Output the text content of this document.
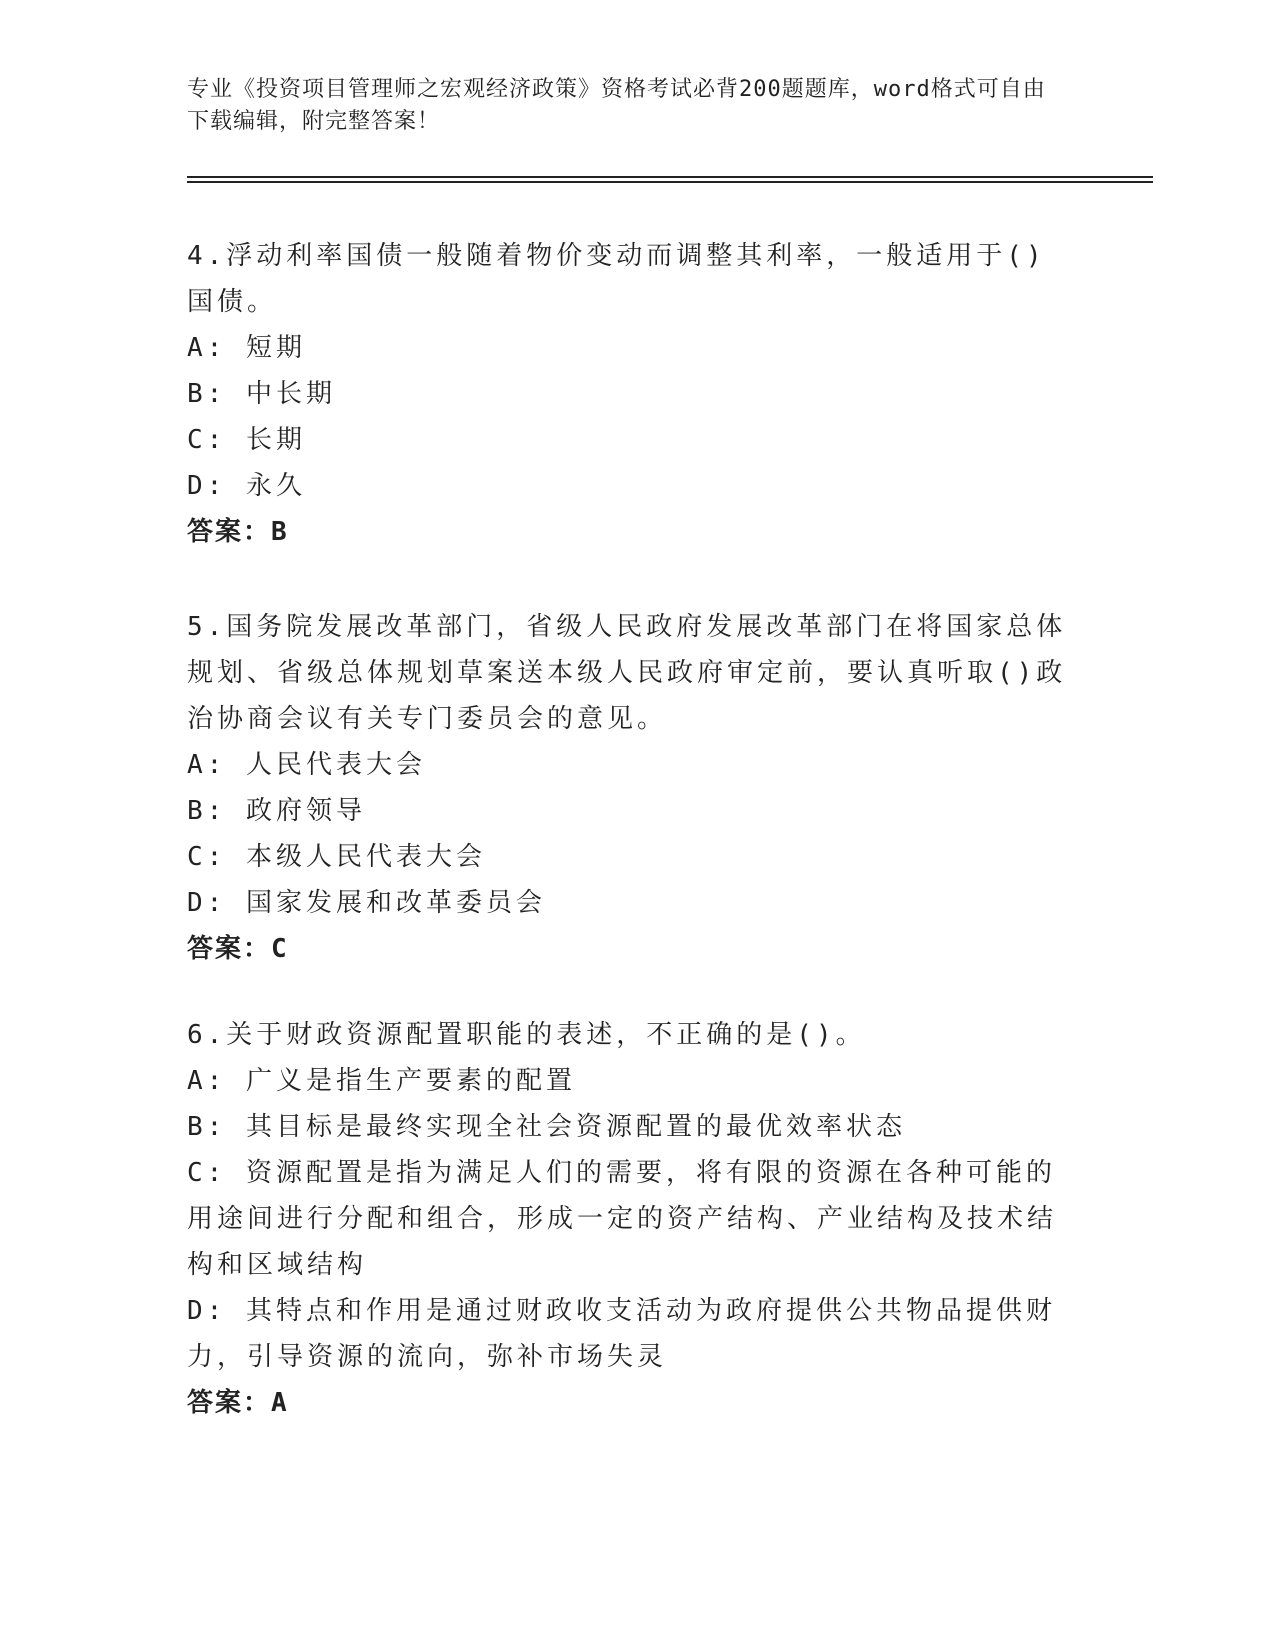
专业《投资项目管理师之宏观经济政策》资格考试必背200题题库，word格式可自由下载编辑，附完整答案！
4.浮动利率国债一般随着物价变动而调整其利率，一般适用于()国债。
A: 短期
B: 中长期
C: 长期
D: 永久
答案：B
5.国务院发展改革部门，省级人民政府发展改革部门在将国家总体规划、省级总体规划草案送本级人民政府审定前，要认真听取()政治协商会议有关专门委员会的意见。
A: 人民代表大会
B: 政府领导
C: 本级人民代表大会
D: 国家发展和改革委员会
答案：C
6.关于财政资源配置职能的表述，不正确的是()。
A: 广义是指生产要素的配置
B: 其目标是最终实现全社会资源配置的最优效率状态
C: 资源配置是指为满足人们的需要，将有限的资源在各种可能的用途间进行分配和组合，形成一定的资产结构、产业结构及技术结构和区域结构
D: 其特点和作用是通过财政收支活动为政府提供公共物品提供财力，引导资源的流向，弥补市场失灵
答案：A
